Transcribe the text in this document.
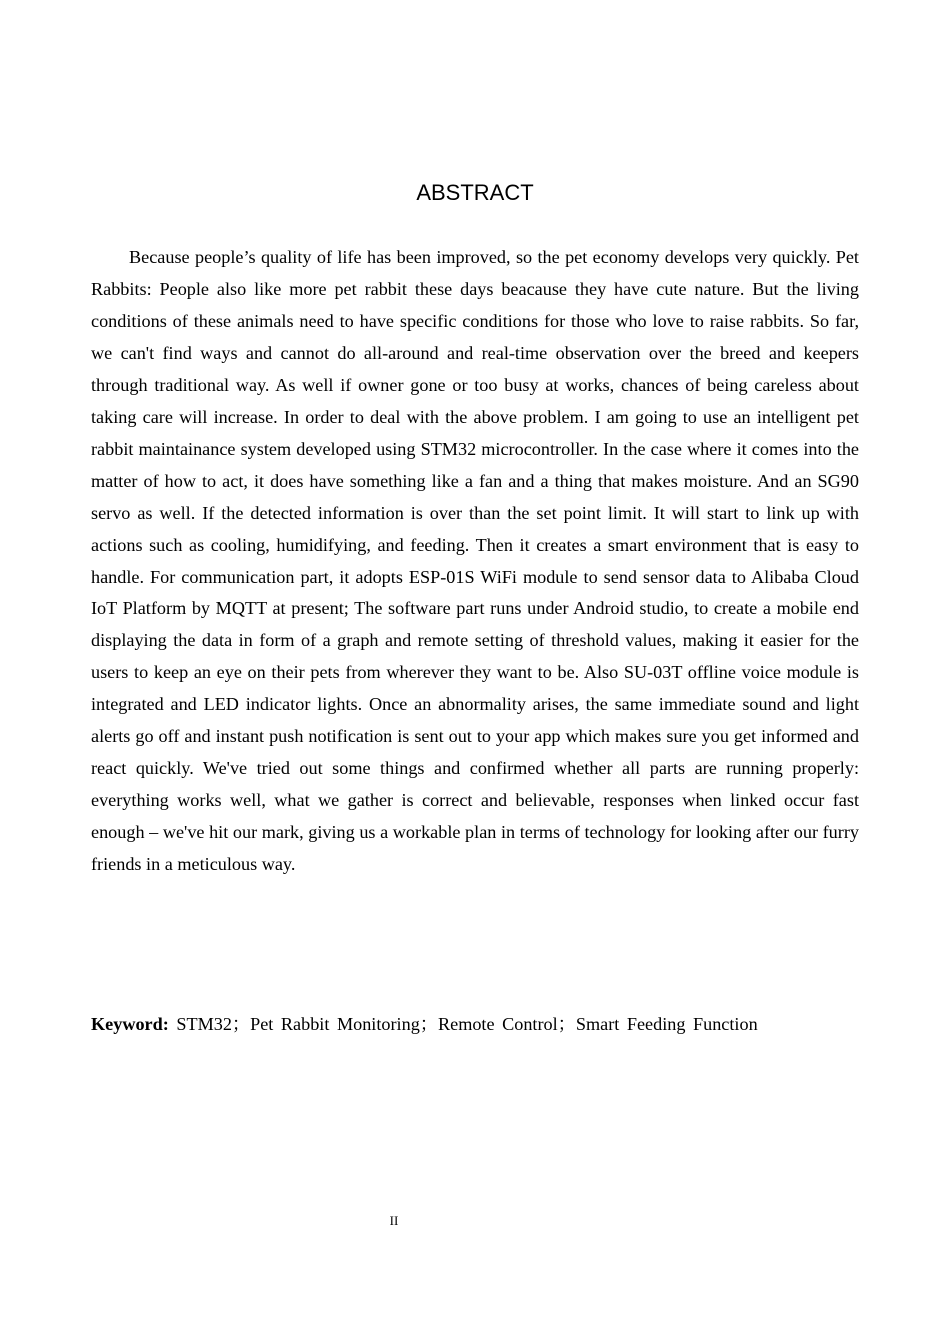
ABSTRACT

Because people’s quality of life has been improved, so the pet economy develops very quickly. Pet Rabbits: People also like more pet rabbit these days beacause they have cute nature. But the living conditions of these animals need to have specific conditions for those who love to raise rabbits. So far, we can't find ways and cannot do all-around and real-time observation over the breed and keepers through traditional way. As well if owner gone or too busy at works, chances of being careless about taking care will increase. In order to deal with the above problem. I am going to use an intelligent pet rabbit maintainance system developed using STM32 microcontroller. In the case where it comes into the matter of how to act, it does have something like a fan and a thing that makes moisture. And an SG90 servo as well. If the detected information is over than the set point limit. It will start to link up with actions such as cooling, humidifying, and feeding. Then it creates a smart environment that is easy to handle. For communication part, it adopts ESP-01S WiFi module to send sensor data to Alibaba Cloud IoT Platform by MQTT at present; The software part runs under Android studio, to create a mobile end displaying the data in form of a graph and remote setting of threshold values, making it easier for the users to keep an eye on their pets from wherever they want to be. Also SU-03T offline voice module is integrated and LED indicator lights. Once an abnormality arises, the same immediate sound and light alerts go off and instant push notification is sent out to your app which makes sure you get informed and react quickly. We've tried out some things and confirmed whether all parts are running properly: everything works well, what we gather is correct and believable, responses when linked occur fast enough – we've hit our mark, giving us a workable plan in terms of technology for looking after our furry friends in a meticulous way.

Keyword: STM32；Pet Rabbit Monitoring；Remote Control；Smart Feeding Function

II
